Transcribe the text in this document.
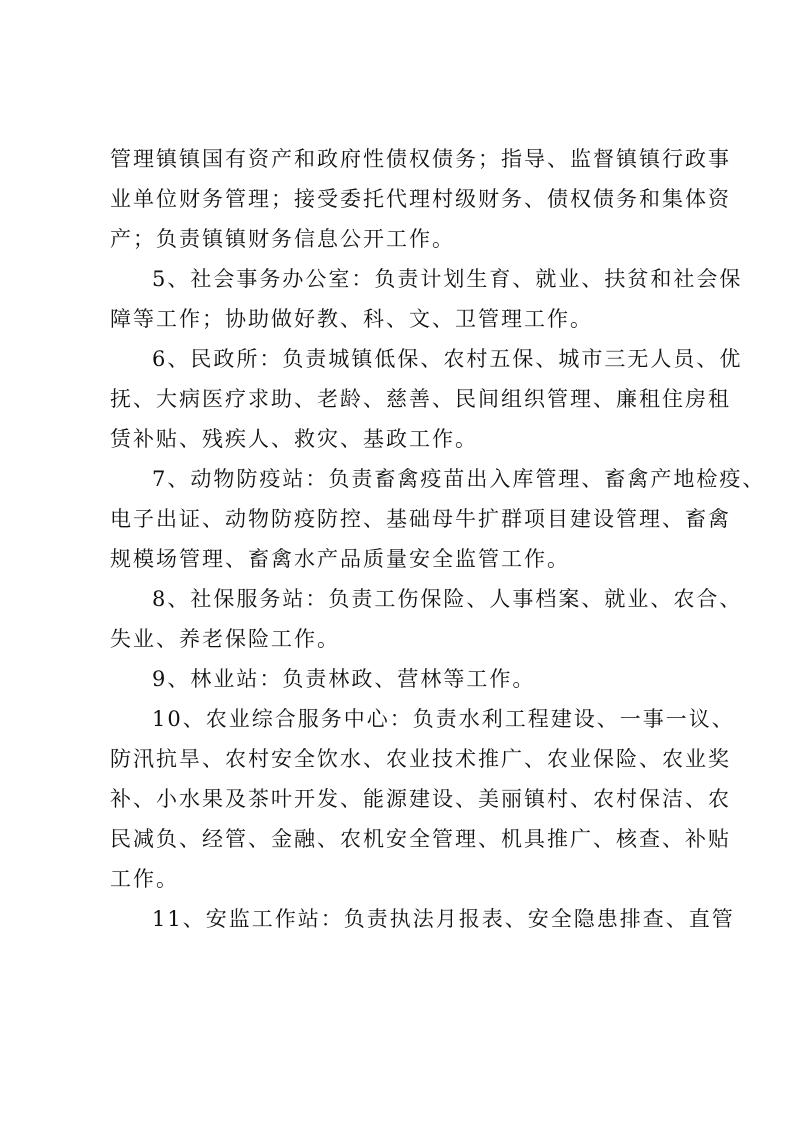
管理镇镇国有资产和政府性债权债务；指导、监督镇镇行政事
业单位财务管理；接受委托代理村级财务、债权债务和集体资
产；负责镇镇财务信息公开工作。
5、社会事务办公室：负责计划生育、就业、扶贫和社会保
障等工作；协助做好教、科、文、卫管理工作。
6、民政所：负责城镇低保、农村五保、城市三无人员、优
抚、大病医疗求助、老龄、慈善、民间组织管理、廉租住房租
赁补贴、残疾人、救灾、基政工作。
7、动物防疫站：负责畜禽疫苗出入库管理、畜禽产地检疫、
电子出证、动物防疫防控、基础母牛扩群项目建设管理、畜禽
规模场管理、畜禽水产品质量安全监管工作。
8、社保服务站：负责工伤保险、人事档案、就业、农合、
失业、养老保险工作。
9、林业站：负责林政、营林等工作。
10、农业综合服务中心：负责水利工程建设、一事一议、
防汛抗旱、农村安全饮水、农业技术推广、农业保险、农业奖
补、小水果及茶叶开发、能源建设、美丽镇村、农村保洁、农
民减负、经管、金融、农机安全管理、机具推广、核查、补贴
工作。
11、安监工作站：负责执法月报表、安全隐患排查、直管
